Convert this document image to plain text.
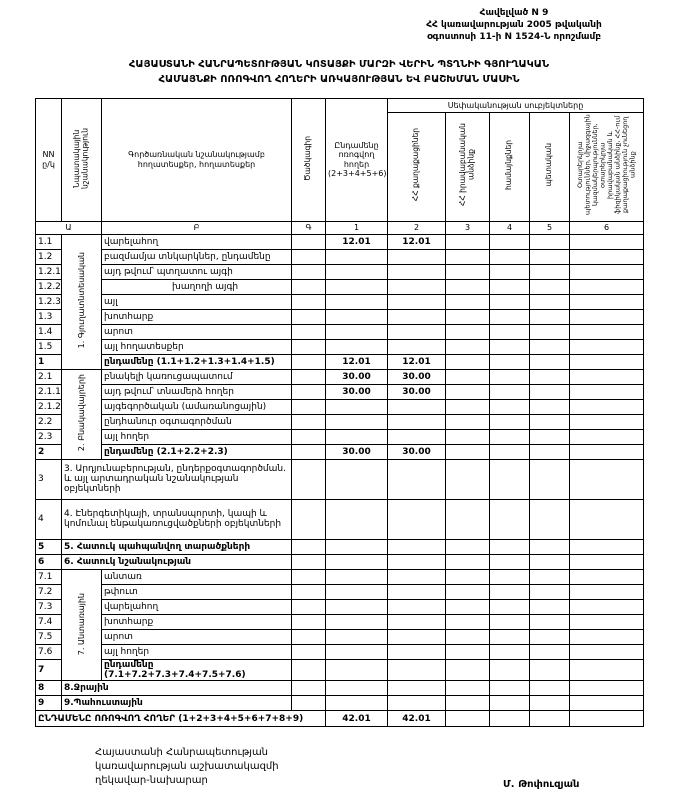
Հավելված N 9
ՀՀ կառավարության 2005 թվականի
օգոստոսի 11-ի N 1524-Ն որոշմամբ
ՀԱՅԱՍՏԱՆԻ ՀԱՆՐԱՊԵՏՈՒԹՅԱՆ ԿՈՏԱՅՔԻ ՄԱՐԶԻ ՎԵՐԻՆ ՊՏՂՆԻԻ ԳՅՈՒՂԱԿԱՆ
ՀԱՄԱՅՆՔԻ ՈՌՈԳՎՈՂ ՀՈՂԵՐԻ ԱՌԿԱՅՈՒԹՅԱՆ ԵՎ ԲԱՇԽՄԱՆ ՄԱՍԻՆ
NN ը/կ	Նպատակային նշանակություն	Գործառնական նշանակությամբ հողատեսքեր, հողատեսքեր	Ծածկագիր	Ընդամենը ոռոգվող հողեր (2+3+4+5+6)	Սեփականության սուբյեկտները				
					ՀՀ քաղաքացիներ	ՀՀ իրավաբանական անձինք	համայնքներ	պետական	Օտարերկրյա պետություններ, միջազգային կազմակերպություններ, օտարերկրյա իրավաբանական և ֆիզիկական անձինք, ՀՀ-ում քաղաքացիություն չունեցող անձինք
Ա		Բ	Գ	1	2	3	4	5	6
1.1	1. Գյուղատնտեսական	վարելահող		12.01	12.01				
1.2		բազմամյա տնկարկներ, ընդամենը							
1.2.1		այդ թվում՝ պտղատու այգի							
1.2.2		խաղողի այգի							
1.2.3		այլ							
1.3		խոտհարք							
1.4		արոտ							
1.5		այլ հողատեսքեր							
1		ընդամենը (1.1+1.2+1.3+1.4+1.5)		12.01	12.01				
2.1	2. Բնակավայրերի	բնակելի կառուցապատում		30.00	30.00				
2.1.1		այդ թվում՝ տնամերձ հողեր		30.00	30.00				
2.1.2		այգեգործական (ամառանոցային)							
2.2		ընդհանուր օգտագործման							
2.3		այլ հողեր							
2		ընդամենը (2.1+2.2+2.3)		30.00	30.00				
3	3. Արդյունաբերության, ընդերքօգտագործման. և այլ արտադրական նշանակության օբյեկտների								
4	4. Էներգետիկայի, տրանսպորտի, կապի և կոմունալ ենթակառուցվածքների օբյեկտների								
5	5. Հատուկ պահպանվող տարածքների								
6	6. Հատուկ նշանակության								
7.1	7. Անտառային	անտառ							
7.2		թփուտ							
7.3		վարելահող							
7.4		խոտհարք							
7.5		արոտ							
7.6		այլ հողեր							
7		ընդամենը (7.1+7.2+7.3+7.4+7.5+7.6)							
8	8.Ջրային								
9	9.Պահուստային								
ԸՆԴԱՄԵՆԸ ՈՌՈԳՎՈՂ ՀՈՂԵՐ (1+2+3+4+5+6+7+8+9)				42.01	42.01				
Հայաստանի Հանրապետության
կառավարության աշխատակազմի
ղեկավար-նախարար	Մ. Թոփուզյան
